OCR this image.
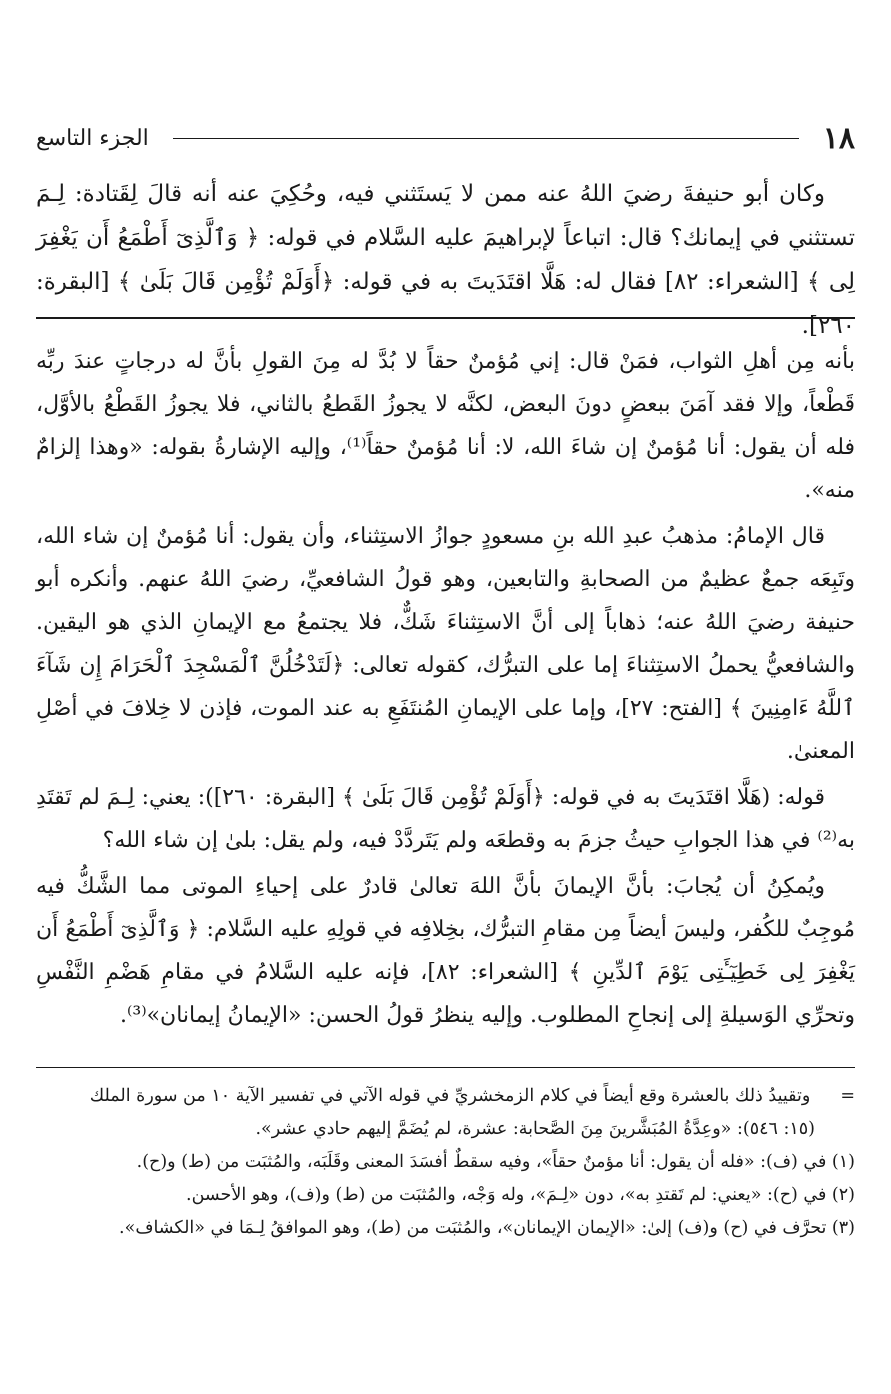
١٨
الجزء التاسع

وكان أبو حنيفةَ رضيَ اللهُ عنه ممن لا يَستَثني فيه، وحُكِيَ عنه أنه قالَ لِقَتادة: لِـمَ تستثني في إيمانك؟ قال: اتباعاً لإبراهيمَ عليه السَّلام في قوله: ﴿ وَٱلَّذِىٓ أَطْمَعُ أَن يَغْفِرَ لِى ﴾ [الشعراء: ٨٢] فقال له: هَلَّا اقتَدَيتَ به في قوله: ﴿أَوَلَمْ تُؤْمِن قَالَ بَلَىٰ ﴾ [البقرة: ٢٦٠].

بأنه مِن أهلِ الثواب، فمَنْ قال: إني مُؤمنٌ حقاً لا بُدَّ له مِنَ القولِ بأنَّ له درجاتٍ عندَ ربِّه قَطْعاً، وإلا فقد آمَنَ ببعضٍ دونَ البعض، لكنَّه لا يجوزُ القَطعُ بالثاني، فلا يجوزُ القَطْعُ بالأوَّل، فله أن يقول: أنا مُؤمنٌ إن شاءَ الله، لا: أنا مُؤمنٌ حقاً⁽¹⁾، وإليه الإشارةُ بقوله: «وهذا إلزامٌ منه».

قال الإمامُ: مذهبُ عبدِ الله بنِ مسعودٍ جوازُ الاستِثناء، وأن يقول: أنا مُؤمنٌ إن شاء الله، وتَبِعَه جمعٌ عظيمٌ من الصحابةِ والتابعين، وهو قولُ الشافعيِّ، رضيَ اللهُ عنهم. وأنكره أبو حنيفة رضيَ اللهُ عنه؛ ذهاباً إلى أنَّ الاستِثناءَ شَكٌّ، فلا يجتمعُ مع الإيمانِ الذي هو اليقين. والشافعيُّ يحملُ الاستِثناءَ إما على التبرُّك، كقوله تعالى: ﴿لَتَدْخُلُنَّ ٱلْمَسْجِدَ ٱلْحَرَامَ إِن شَآءَ ٱللَّهُ ءَامِنِينَ ﴾ [الفتح: ٢٧]، وإما على الإيمانِ المُنتَفَعِ به عند الموت، فإذن لا خِلافَ في أصْلِ المعنىٰ.

قوله: (هَلَّا اقتَدَيتَ به في قوله: ﴿أَوَلَمْ تُؤْمِن قَالَ بَلَىٰ ﴾ [البقرة: ٢٦٠]): يعني: لِـمَ لم تَقتَدِ به⁽²⁾ في هذا الجوابِ حيثُ جزمَ به وقطعَه ولم يَتَردَّدْ فيه، ولم يقل: بلىٰ إن شاء الله؟

ويُمكِنُ أن يُجابَ: بأنَّ الإيمانَ بأنَّ اللهَ تعالىٰ قادرٌ على إحياءِ الموتى مما الشَّكُّ فيه مُوجِبٌ للكُفر، وليسَ أيضاً مِن مقامِ التبرُّك، بخِلافِه في قولِهِ عليه السَّلام: ﴿ وَٱلَّذِىٓ أَطْمَعُ أَن يَغْفِرَ لِى خَطِيٓـَٔتِى يَوْمَ ٱلدِّينِ ﴾ [الشعراء: ٨٢]، فإنه عليه السَّلامُ في مقامِ هَضْمِ النَّفْسِ وتحرِّي الوَسيلةِ إلى إنجاحِ المطلوب. وإليه ينظرُ قولُ الحسن: «الإيمانُ إيمانان»⁽³⁾.

=وتقييدُ ذلك بالعشرة وقع أيضاً في كلام الزمخشريِّ في قوله الآتي في تفسير الآية ١٠ من سورة الملك

(١٥: ٥٤٦): «وعِدَّةُ المُبَشَّرينَ مِنَ الصَّحابة: عشرة، لم يُضَمَّ إليهم حادي عشر».

(١) في (ف): «فله أن يقول: أنا مؤمنٌ حقاً»، وفيه سقطٌ أفسَدَ المعنى وقَلَبَه، والمُثبَت من (ط) و(ح).

(٢) في (ح): «يعني: لم تَقتدِ به»، دون «لِـمَ»، وله وَجْه، والمُثبَت من (ط) و(ف)، وهو الأحسن.

(٣) تحرَّف في (ح) و(ف) إلىٰ: «الإيمان الإيمانان»، والمُثبَت من (ط)، وهو الموافقُ لِـمَا في «الكشاف».
